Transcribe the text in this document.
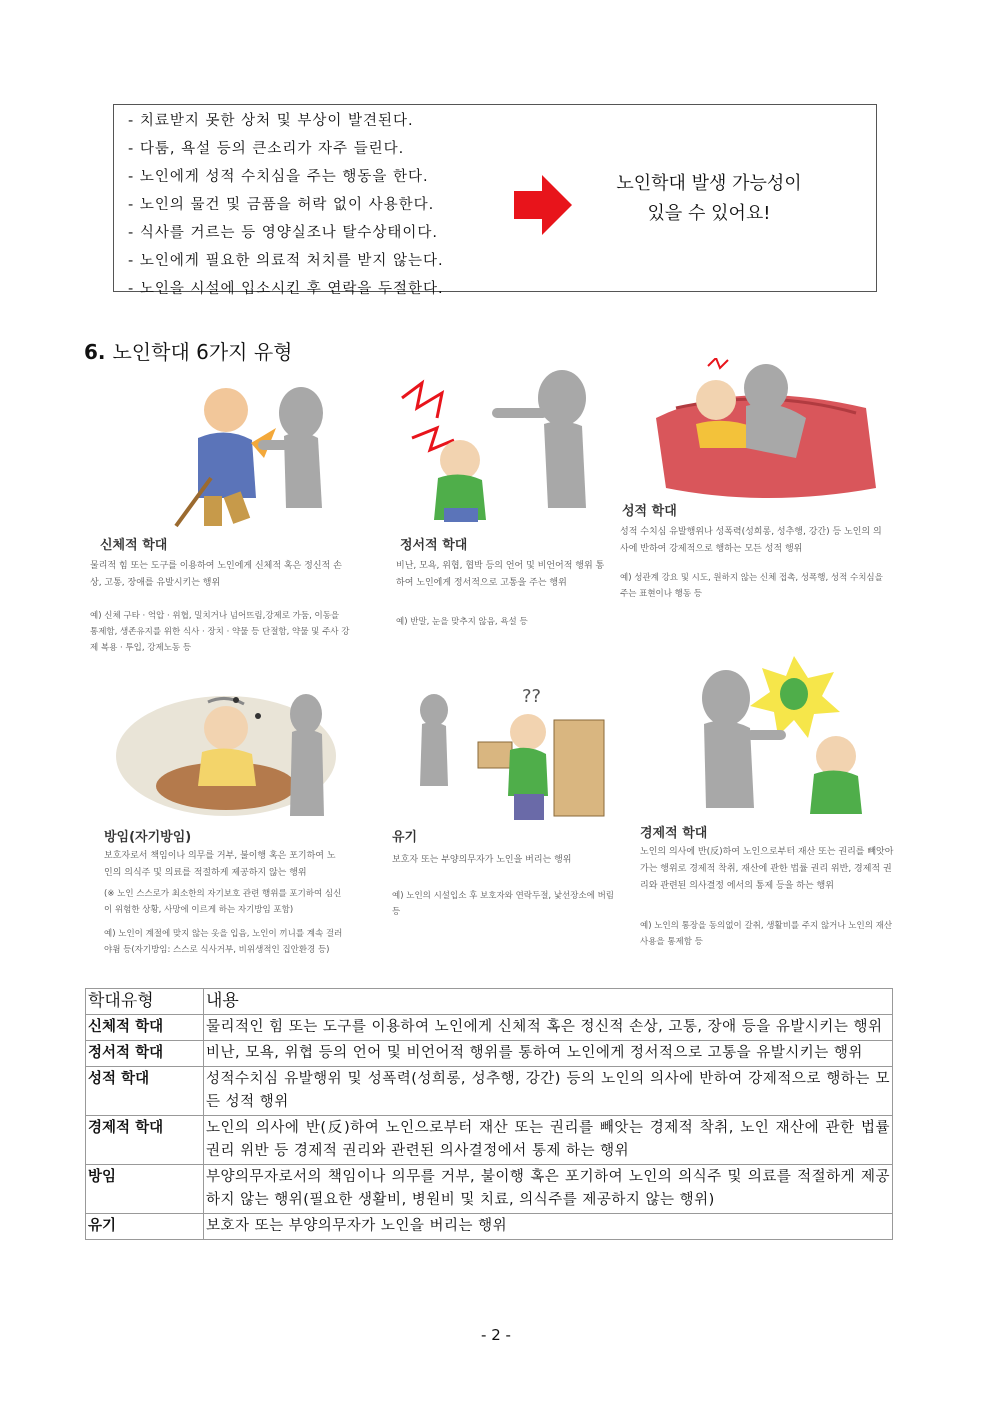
- 치료받지 못한 상처 및 부상이 발견된다.
- 다툼, 욕설 등의 큰소리가 자주 들린다.
- 노인에게 성적 수치심을 주는 행동을 한다.
- 노인의 물건 및 금품을 허락 없이 사용한다.
- 식사를 거르는 등 영양실조나 탈수상태이다.
- 노인에게 필요한 의료적 처치를 받지 않는다.
- 노인을 시설에 입소시킨 후 연락을 두절한다.
노인학대 발생 가능성이
있을 수 있어요!
6. 노인학대 6가지 유형
신체적 학대
물리적 힘 또는 도구를 이용하여 노인에게 신체적 혹은 정신적 손상, 고통, 장애를 유발시키는 행위
예) 신체 구타 · 억압 · 위협, 밀치거나 넘어뜨림,강제로 가둠, 이동을 통제함, 생존유지를 위한 식사 · 장치 · 약물 등 단절함, 약물 및 주사 강제 복용 · 투입, 강제노동 등
정서적 학대
비난, 모욕, 위협, 협박 등의 언어 및 비언어적 행위 통하여 노인에게 정서적으로 고통을 주는 행위
예) 반말, 눈을 맞추지 않음, 욕설 등
성적 학대
성적 수치심 유발행위나 성폭력(성희롱, 성추행, 강간) 등 노인의 의사에 반하여 강제적으로 행하는 모든 성적 행위
예) 성관계 강요 및 시도, 원하지 않는 신체 접촉, 성폭행, 성적 수치심을 주는 표현이나 행동 등
방임(자기방임)
보호자로서 책임이나 의무를 거부, 불이행 혹은 포기하여 노인의 의식주 및 의료를 적절하게 제공하지 않는 행위
(※ 노인 스스로가 최소한의 자기보호 관련 행위를 포기하여 심신이 위험한 상황, 사망에 이르게 하는 자기방임 포함)
예) 노인이 계절에 맞지 않는 옷을 입음, 노인이 끼니를 계속 걸러 야윔 등(자기방임: 스스로 식사거부, 비위생적인 집안환경 등)
??
유기
보호자 또는 부양의무자가 노인을 버리는 행위
예) 노인의 시설입소 후 보호자와 연락두절, 낯선장소에 버림 등
경제적 학대
노인의 의사에 반(反)하여 노인으로부터 재산 또는 권리를 빼앗아가는 행위로 경제적 착취, 재산에 관한 법률 권리 위반, 경제적 권리와 관련된 의사결정 에서의 통제 등을 하는 행위
예) 노인의 통장을 동의없이 갈취, 생활비를 주지 않거나 노인의 재산사용을 통제함 등
학대유형	내용
신체적 학대	물리적인 힘 또는 도구를 이용하여 노인에게 신체적 혹은 정신적 손상, 고통, 장애 등을 유발시키는 행위
정서적 학대	비난, 모욕, 위협 등의 언어 및 비언어적 행위를 통하여 노인에게 정서적으로 고통을 유발시키는 행위
성적 학대	성적수치심 유발행위 및 성폭력(성희롱, 성추행, 강간) 등의 노인의 의사에 반하여 강제적으로 행하는 모든 성적 행위
경제적 학대	노인의 의사에 반(反)하여 노인으로부터 재산 또는 권리를 빼앗는 경제적 착취, 노인 재산에 관한 법률 권리 위반 등 경제적 권리와 관련된 의사결정에서 통제 하는 행위
방임	부양의무자로서의 책임이나 의무를 거부, 불이행 혹은 포기하여 노인의 의식주 및 의료를 적절하게 제공하지 않는 행위(필요한 생활비, 병원비 및 치료, 의식주를 제공하지 않는 행위)
유기	보호자 또는 부양의무자가 노인을 버리는 행위
- 2 -
